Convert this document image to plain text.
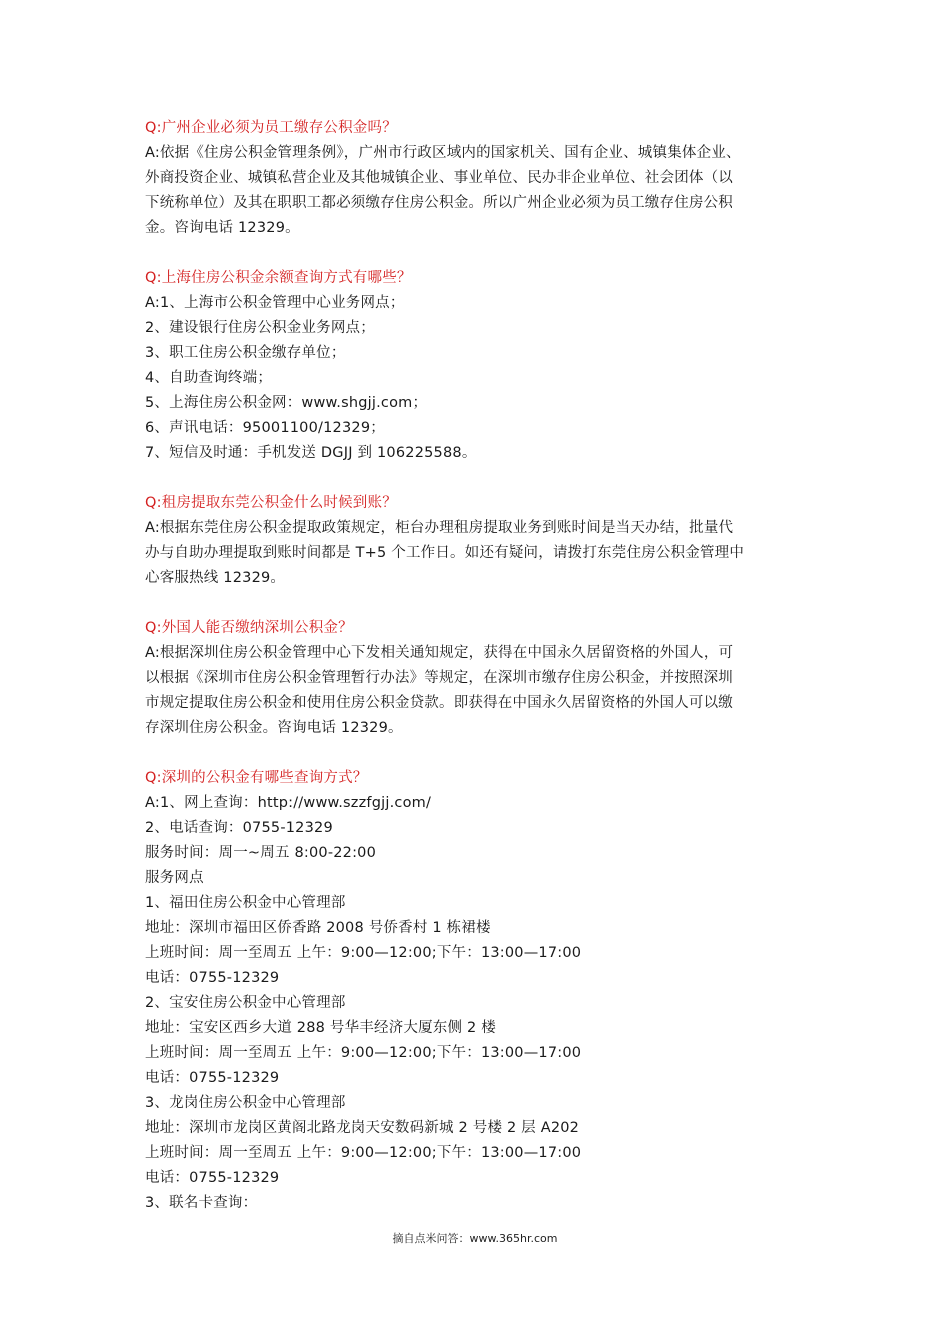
Q:广州企业必须为员工缴存公积金吗？
A:依据《住房公积金管理条例》，广州市行政区域内的国家机关、国有企业、城镇集体企业、
外商投资企业、城镇私营企业及其他城镇企业、事业单位、民办非企业单位、社会团体（以
下统称单位）及其在职职工都必须缴存住房公积金。所以广州企业必须为员工缴存住房公积
金。咨询电话 12329。
Q:上海住房公积金余额查询方式有哪些？
A:1、上海市公积金管理中心业务网点；
2、建设银行住房公积金业务网点；
3、职工住房公积金缴存单位；
4、自助查询终端；
5、上海住房公积金网：www.shgjj.com；
6、声讯电话：95001100/12329；
7、短信及时通：手机发送 DGJJ 到 106225588。
Q:租房提取东莞公积金什么时候到账？
A:根据东莞住房公积金提取政策规定，柜台办理租房提取业务到账时间是当天办结，批量代
办与自助办理提取到账时间都是 T+5 个工作日。如还有疑问，请拨打东莞住房公积金管理中
心客服热线 12329。
Q:外国人能否缴纳深圳公积金？
A:根据深圳住房公积金管理中心下发相关通知规定，获得在中国永久居留资格的外国人，可
以根据《深圳市住房公积金管理暂行办法》等规定，在深圳市缴存住房公积金，并按照深圳
市规定提取住房公积金和使用住房公积金贷款。即获得在中国永久居留资格的外国人可以缴
存深圳住房公积金。咨询电话 12329。
Q:深圳的公积金有哪些查询方式？
A:1、网上查询：http://www.szzfgjj.com/
2、电话查询：0755-12329
服务时间：周一~周五 8:00-22:00
服务网点
1、福田住房公积金中心管理部
地址：深圳市福田区侨香路 2008 号侨香村 1 栋裙楼
上班时间：周一至周五 上午：9:00—12:00;下午：13:00—17:00
电话：0755-12329
2、宝安住房公积金中心管理部
地址：宝安区西乡大道 288 号华丰经济大厦东侧 2 楼
上班时间：周一至周五 上午：9:00—12:00;下午：13:00—17:00
电话：0755-12329
3、龙岗住房公积金中心管理部
地址：深圳市龙岗区黄阁北路龙岗天安数码新城 2 号楼 2 层 A202
上班时间：周一至周五 上午：9:00—12:00;下午：13:00—17:00
电话：0755-12329
3、联名卡查询：
摘自点米问答：www.365hr.com
